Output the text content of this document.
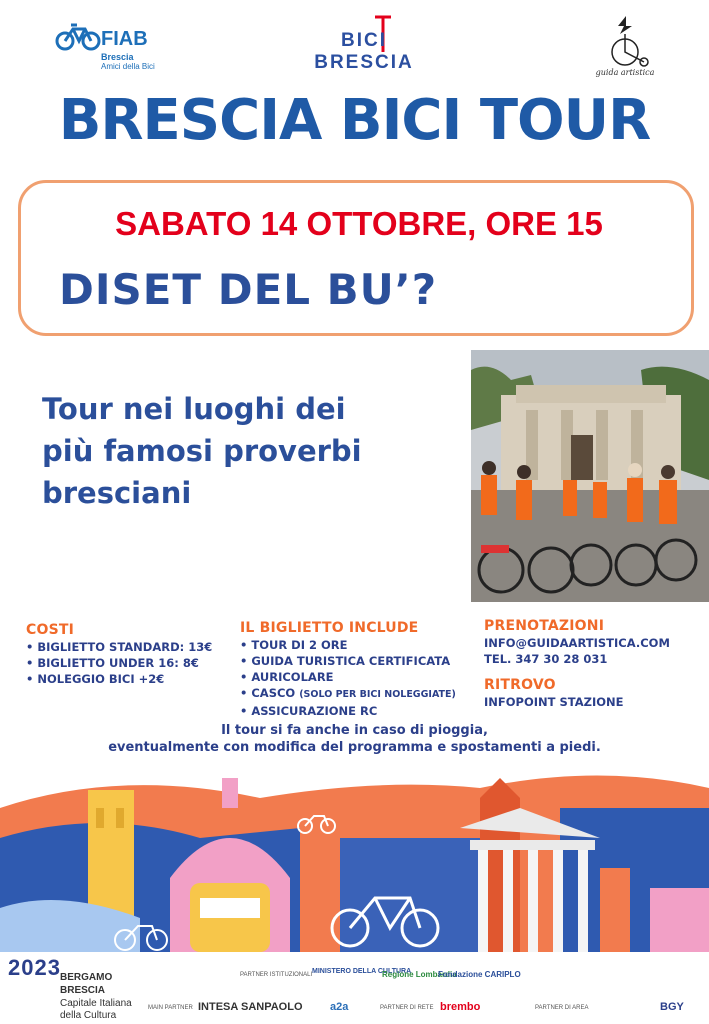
FIAB
Brescia
Amici della Bici
BICI
BRESCIA	guida artistica
BRESCIA BICI TOUR
SABATO 14 OTTOBRE, ORE 15
DISET DEL BU’?
Tour nei luoghi dei
più famosi proverbi
bresciani
COSTI
• BIGLIETTO STANDARD: 13€
• BIGLIETTO UNDER 16: 8€
• NOLEGGIO BICI +2€
IL BIGLIETTO INCLUDE
• TOUR DI 2 ORE
• GUIDA TURISTICA CERTIFICATA
• AURICOLARE
• CASCO (SOLO PER BICI NOLEGGIATE)
• ASSICURAZIONE RC
PRENOTAZIONI
INFO@GUIDAARTISTICA.COM
TEL. 347 30 28 031
RITROVO
INFOPOINT STAZIONE
Il tour si fa anche in caso di pioggia,
eventualmente con modifica del programma e spostamenti a piedi.
2023 BERGAMO
BRESCIA
Capitale Italiana
della Cultura
PARTNER ISTITUZIONALI
MAIN PARTNER	PARTNER DI RETE	PARTNER DI AREA
MINISTERO DELLA CULTURA
Regione Lombardia
Fondazione CARIPLO
INTESA SANPAOLO a2a	brembo	BGY
